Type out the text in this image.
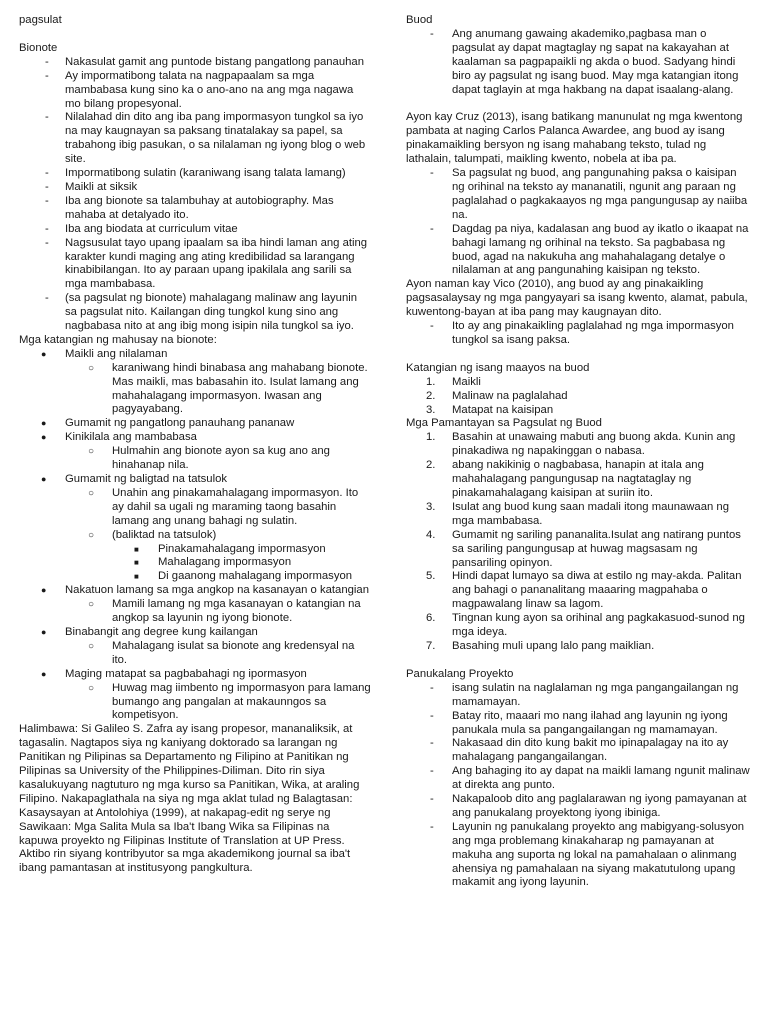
pagsulat

Bionote

- Nakasulat gamit ang puntode bistang pangatlong panauhan
- Ay impormatibong talata na nagpapaalam sa mga mambabasa kung sino ka o ano-ano na ang mga nagawa mo bilang propesyonal.
- Nilalahad din dito ang iba pang impormasyon tungkol sa iyo na may kaugnayan sa paksang tinatalakay sa papel, sa trabahong ibig pasukan, o sa nilalaman ng iyong blog o web site.
- Impormatibong sulatin (karaniwang isang talata lamang)
- Maikli at siksik
- Iba ang bionote sa talambuhay at autobiography. Mas mahaba at detalyado ito.
- Iba ang biodata at curriculum vitae
- Nagsusulat tayo upang ipaalam sa iba hindi laman ang ating karakter kundi maging ang ating kredibilidad sa larangang kinabibilangan. Ito ay paraan upang ipakilala ang sarili sa mga mambabasa.
- (sa pagsulat ng bionote) mahalagang malinaw ang layunin sa pagsulat nito. Kailangan ding tungkol kung sino ang nagbabasa nito at ang ibig mong isipin nila tungkol sa iyo.

Mga katangian ng mahusay na bionote:

● Maikli ang nilalaman
○ karaniwang hindi binabasa ang mahabang bionote. Mas maikli, mas babasahin ito. Isulat lamang ang mahahalagang impormasyon. Iwasan ang pagyayabang.
● Gumamit ng pangatlong panauhang pananaw
● Kinikilala ang mambabasa
○ Hulmahin ang bionote ayon sa kug ano ang hinahanap nila.
● Gumamit ng baligtad na tatsulok
○ Unahin ang pinakamahalagang impormasyon. Ito ay dahil sa ugali ng maraming taong basahin lamang ang unang bahagi ng sulatin.
○ (baliktad na tatsulok)
■ Pinakamahalagang impormasyon
■ Mahalagang impormasyon
■ Di gaanong mahalagang impormasyon
● Nakatuon lamang sa mga angkop na kasanayan o katangian
○ Mamili lamang ng mga kasanayan o katangian na angkop sa layunin ng iyong bionote.
● Binabangit ang degree kung kailangan
○ Mahalagang isulat sa bionote ang kredensyal na ito.
● Maging matapat sa pagbabahagi ng ipormasyon
○ Huwag mag iimbento ng impormasyon para lamang bumango ang pangalan at makaunngos sa kompetisyon.

Halimbawa: Si Galileo S. Zafra ay isang propesor, mananaliksik, at tagasalin. Nagtapos siya ng kaniyang doktorado sa larangan ng Panitikan ng Pilipinas sa Departamento ng Filipino at Panitikan ng Pilipinas sa University of the Philippines-Diliman. Dito rin siya kasalukuyang nagtuturo ng mga kurso sa Panitikan, Wika, at araling Filipino. Nakapaglathala na siya ng mga aklat tulad ng Balagtasan: Kasaysayan at Antolohiya (1999), at nakapag-edit ng serye ng Sawikaan: Mga Salita Mula sa Iba't Ibang Wika sa Filipinas na kapuwa proyekto ng Filipinas Institute of Translation at UP Press. Aktibo rin siyang kontribyutor sa mga akademikong journal sa iba't ibang pamantasan at institusyong pangkultura.

Buod

- Ang anumang gawaing akademiko,pagbasa man o pagsulat ay dapat magtaglay ng sapat na kakayahan at kaalaman sa pagpapaikli ng akda o buod. Sadyang hindi biro ay pagsulat ng isang buod. May mga katangian itong dapat taglayin at mga hakbang na dapat isaalang-alang.

Ayon kay Cruz (2013), isang batikang manunulat ng mga kwentong pambata at naging Carlos Palanca Awardee, ang buod ay isang pinakamaikling bersyon ng isang mahabang teksto, tulad ng lathalain, talumpati, maikling kwento, nobela at iba pa.

- Sa pagsulat ng buod, ang pangunahing paksa o kaisipan ng orihinal na teksto ay mananatili, ngunit ang paraan ng paglalahad o pagkakaayos ng mga pangungusap ay naiiba na.
- Dagdag pa niya, kadalasan ang buod ay ikatlo o ikaapat na bahagi lamang ng orihinal na teksto. Sa pagbabasa ng buod, agad na nakukuha ang mahahalagang detalye o nilalaman at ang pangunahing kaisipan ng teksto.

Ayon naman kay Vico (2010), ang buod ay ang pinakaikling pagsasalaysay ng mga pangyayari sa isang kwento, alamat, pabula, kuwentong-bayan at iba pang may kaugnayan dito.

- Ito ay ang pinakaikling paglalahad ng mga impormasyon tungkol sa isang paksa.

Katangian ng isang maayos na buod

1. Maikli
2. Malinaw na paglalahad
3. Matapat na kaisipan

Mga Pamantayan sa Pagsulat ng Buod

1. Basahin at unawaing mabuti ang buong akda. Kunin ang pinakadiwa ng napakinggan o nabasa.
2. abang nakikinig o nagbabasa, hanapin at itala ang mahahalagang pangungusap na nagtataglay ng pinakamahalagang kaisipan at suriin ito.
3. Isulat ang buod kung saan madali itong maunawaan ng mga mambabasa.
4. Gumamit ng sariling pananalita.Isulat ang natirang puntos sa sariling pangungusap at huwag magsasam ng pansariling opinyon.
5. Hindi dapat lumayo sa diwa at estilo ng may-akda. Palitan ang bahagi o pananalitang maaaring magpahaba o magpawalang linaw sa lagom.
6. Tingnan kung ayon sa orihinal ang pagkakasuod-sunod ng mga ideya.
7. Basahing muli upang lalo pang maiklian.

Panukalang Proyekto

- isang sulatin na naglalaman ng mga pangangailangan ng mamamayan.
- Batay rito, maaari mo nang ilahad ang layunin ng iyong panukala mula sa pangangailangan ng mamamayan.
- Nakasaad din dito kung bakit mo ipinapalagay na ito ay mahalagang pangangailangan.
- Ang bahaging ito ay dapat na maikli lamang ngunit malinaw at direkta ang punto.
- Nakapaloob dito ang paglalarawan ng iyong pamayanan at ang panukalang proyektong iyong ibiniga.
- Layunin ng panukalang proyekto ang mabigyang-solusyon ang mga problemang kinakaharap ng pamayanan at makuha ang suporta ng lokal na pamahalaan o alinmang ahensiya ng pamahalaan na siyang makatutulong upang makamit ang iyong layunin.
